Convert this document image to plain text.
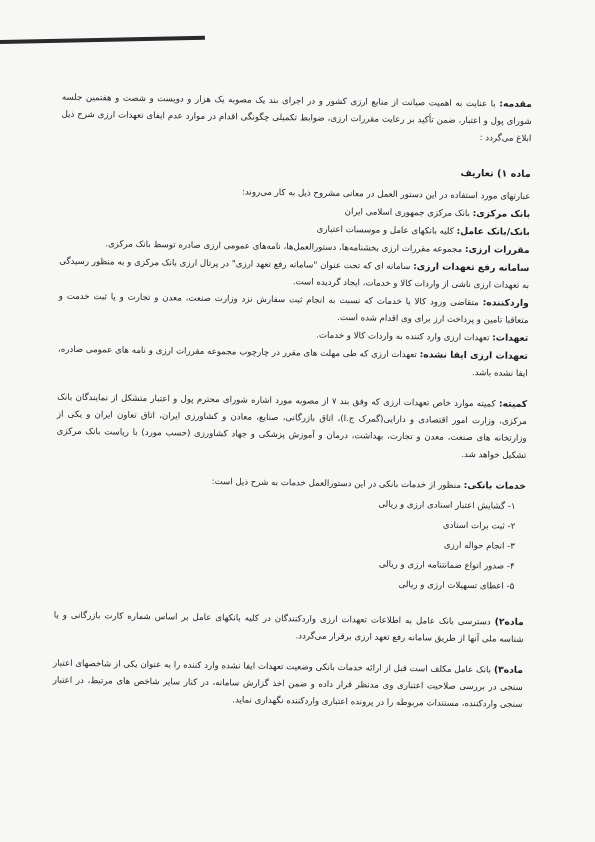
مقدمه: با عنایت به اهمیت صیانت از منابع ارزی کشور و در اجرای بند یک مصوبه یک هزار و دویست و شصت و هفتمین جلسه شورای پول و اعتبار، ضمن تأکید بر رعایت مقررات ارزی، ضوابط تکمیلی چگونگی اقدام در موارد عدم ایفای تعهدات ارزی شرح ذیل ابلاغ می‌گردد :

ماده ۱) تعاریف

عبارتهای مورد استفاده در این دستور العمل در معانی مشروح ذیل به کار می‌روند:

بانک مرکزی: بانک مرکزی جمهوری اسلامی ایران

بانک/بانک عامل: کلیه بانکهای عامل و موسسات اعتباری

مقررات ارزی: مجموعه مقررات ارزی بخشنامه‌ها، دستورالعمل‌ها، نامه‌های عمومی ارزی صادره توسط بانک مرکزی.

سامانه رفع تعهدات ارزی: سامانه ای که تحت عنوان "سامانه رفع تعهد ارزی" در پرتال ارزی بانک مرکزی و به منظور رسیدگی به تعهدات ارزی ناشی از واردات کالا و خدمات، ایجاد گردیده است.

واردکننده: متقاضی ورود کالا یا خدمات که نسبت به انجام ثبت سفارش نزد وزارت صنعت، معدن و تجارت و یا ثبت خدمت و متعاقبا تامین و پرداخت ارز برای وی اقدام شده است.

تعهدات: تعهدات ارزی وارد کننده به واردات کالا و خدمات.

تعهدات ارزی ایفا نشده: تعهدات ارزی که طی مهلت های مقرر در چارچوب مجموعه مقررات ارزی و نامه های عمومی صادره، ایفا نشده باشد.

کمیته: کمیته موارد خاص تعهدات ارزی که وفق بند ۷ از مصوبه مورد اشاره شورای محترم پول و اعتبار متشکل از نمایندگان بانک مرکزی، وزارت امور اقتصادی و دارایی(گمرک ج.ا)، اتاق بازرگانی، صنایع، معادن و کشاورزی ایران، اتاق تعاون ایران و یکی از وزارتخانه های صنعت، معدن و تجارت، بهداشت، درمان و آموزش پزشکی و جهاد کشاورزی (حسب مورد) با ریاست بانک مرکزی تشکیل خواهد شد.

خدمات بانکی: منظور از خدمات بانکی در این دستورالعمل خدمات به شرح ذیل است:

۱- گشایش اعتبار اسنادی ارزی و ریالی

۲- ثبت برات اسنادی

۳- انجام حواله ارزی

۴- صدور انواع ضمانتنامه ارزی و ریالی

۵- اعطای تسهیلات ارزی و ریالی

ماده۲) دسترسی بانک عامل به اطلاعات تعهدات ارزی واردکنندگان در کلیه بانکهای عامل بر اساس شماره کارت بازرگانی و یا شناسه ملی آنها از طریق سامانه رفع تعهد ارزی برقرار می‌گردد.

ماده۳) بانک عامل مکلف است قبل از ارائه خدمات بانکی وضعیت تعهدات ایفا نشده وارد کننده را به عنوان یکی از شاخصهای اعتبار سنجی در بررسی صلاحیت اعتباری وی مدنظر قرار داده و ضمن اخذ گزارش سامانه، در کنار سایر شاخص های مرتبط، در اعتبار سنجی واردکننده، مستندات مربوطه را در پرونده اعتباری واردکننده نگهداری نماید.
